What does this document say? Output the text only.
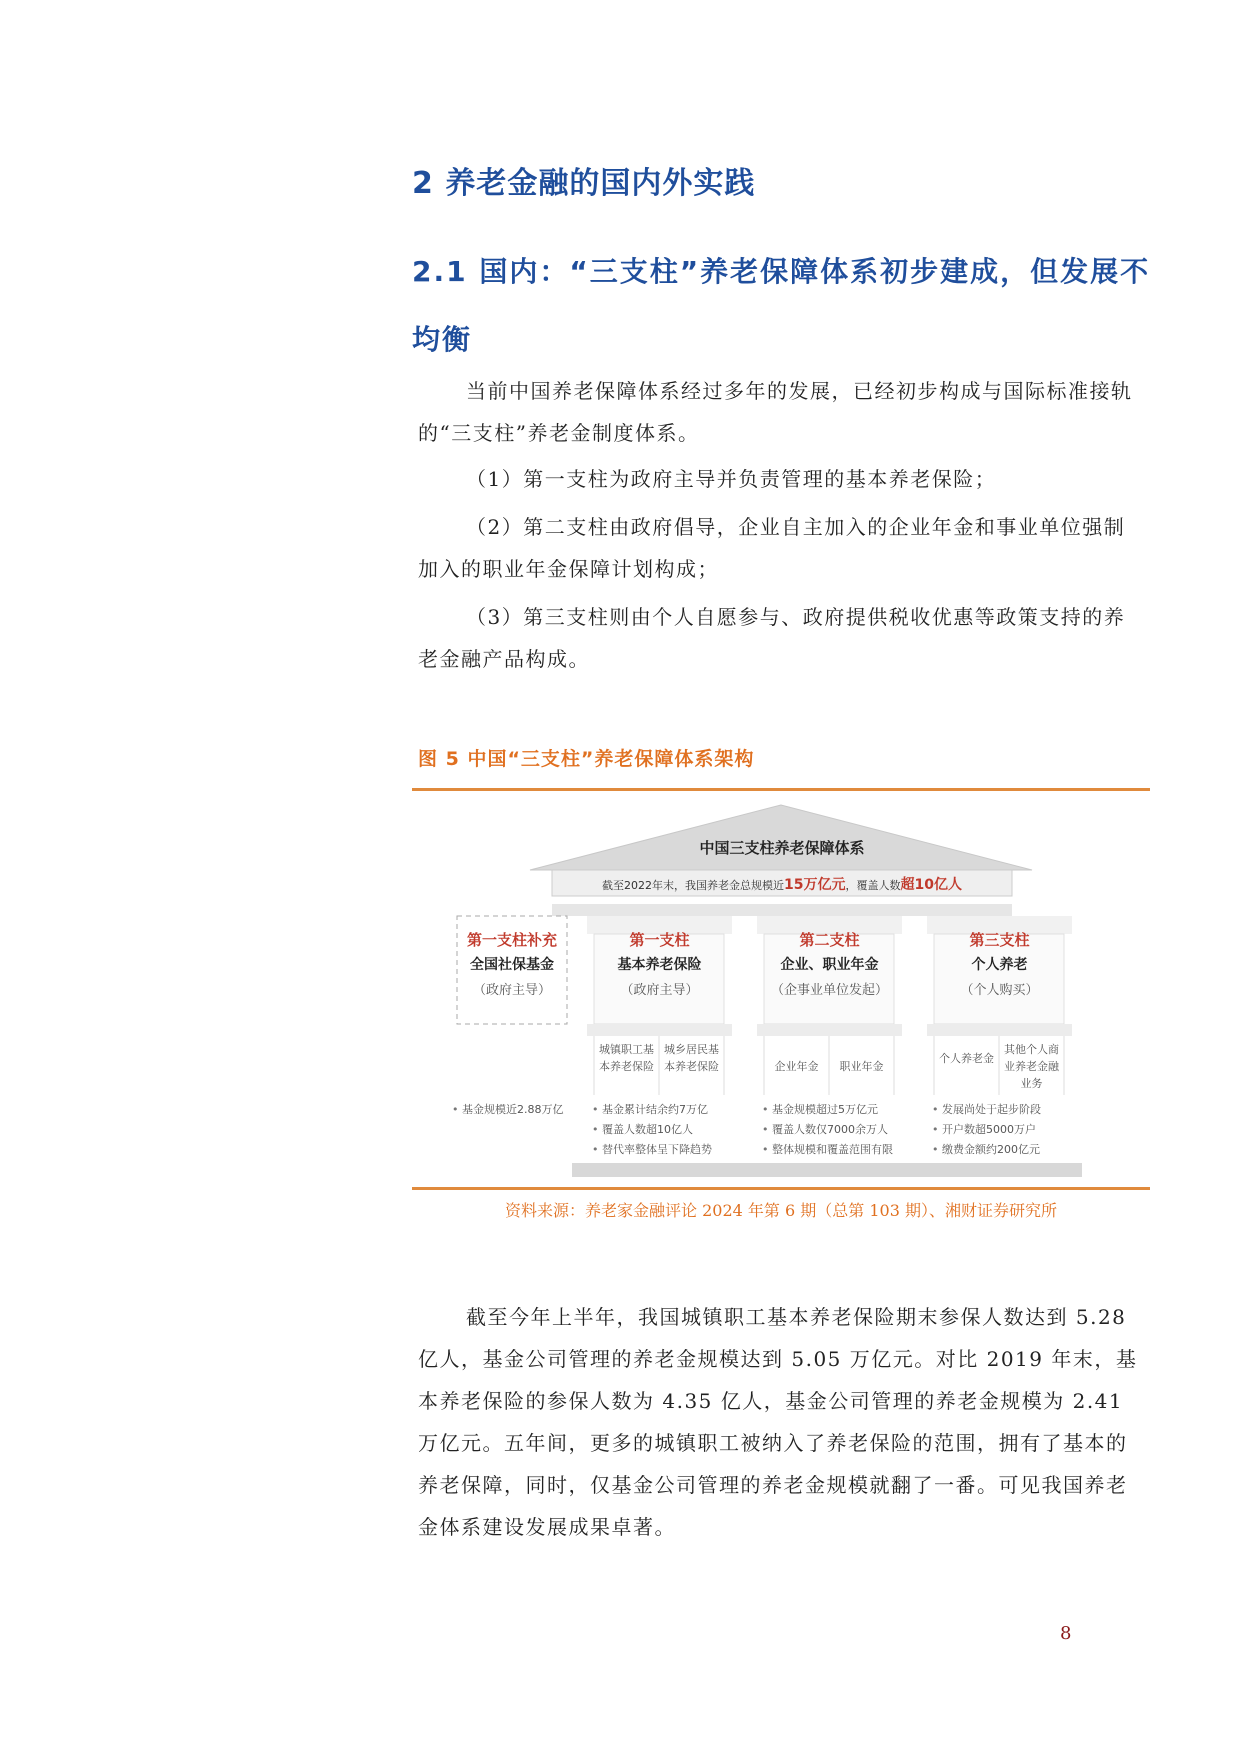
2 养老金融的国内外实践
2.1 国内：“三支柱”养老保障体系初步建成，但发展不均衡

当前中国养老保障体系经过多年的发展，已经初步构成与国际标准接轨的“三支柱”养老金制度体系。

（1）第一支柱为政府主导并负责管理的基本养老保险；

（2）第二支柱由政府倡导，企业自主加入的企业年金和事业单位强制加入的职业年金保障计划构成；

（3）第三支柱则由个人自愿参与、政府提供税收优惠等政策支持的养老金融产品构成。

图 5 中国“三支柱”养老保障体系架构
中国三支柱养老保障体系
截至2022年末，我国养老金总规模近15万亿元，覆盖人数超10亿人
第一支柱补充
全国社保基金
（政府主导）
第一支柱
基本养老保险
（政府主导）
第二支柱
企业、职业年金
（企事业单位发起）
第三支柱
个人养老
（个人购买）
城镇职工基本养老保险
城乡居民基本养老保险	企业年金	职业年金
个人养老金
其他个人商业养老金融业务
• 基金规模近2.88万亿
•	基金累计结余约7万亿
• 覆盖人数超10亿人
• 替代率整体呈下降趋势
• 基金规模超过5万亿元
• 覆盖人数仅7000余万人
• 整体规模和覆盖范围有限
• 发展尚处于起步阶段
• 开户数超5000万户
• 缴费金额约200亿元
资料来源：养老家金融评论 2024 年第 6 期（总第 103 期）、湘财证券研究所

截至今年上半年，我国城镇职工基本养老保险期末参保人数达到 5.28 亿人，基金公司管理的养老金规模达到 5.05 万亿元。对比 2019 年末，基本养老保险的参保人数为 4.35 亿人，基金公司管理的养老金规模为 2.41 万亿元。五年间，更多的城镇职工被纳入了养老保险的范围，拥有了基本的养老保障，同时，仅基金公司管理的养老金规模就翻了一番。可见我国养老金体系建设发展成果卓著。

8
